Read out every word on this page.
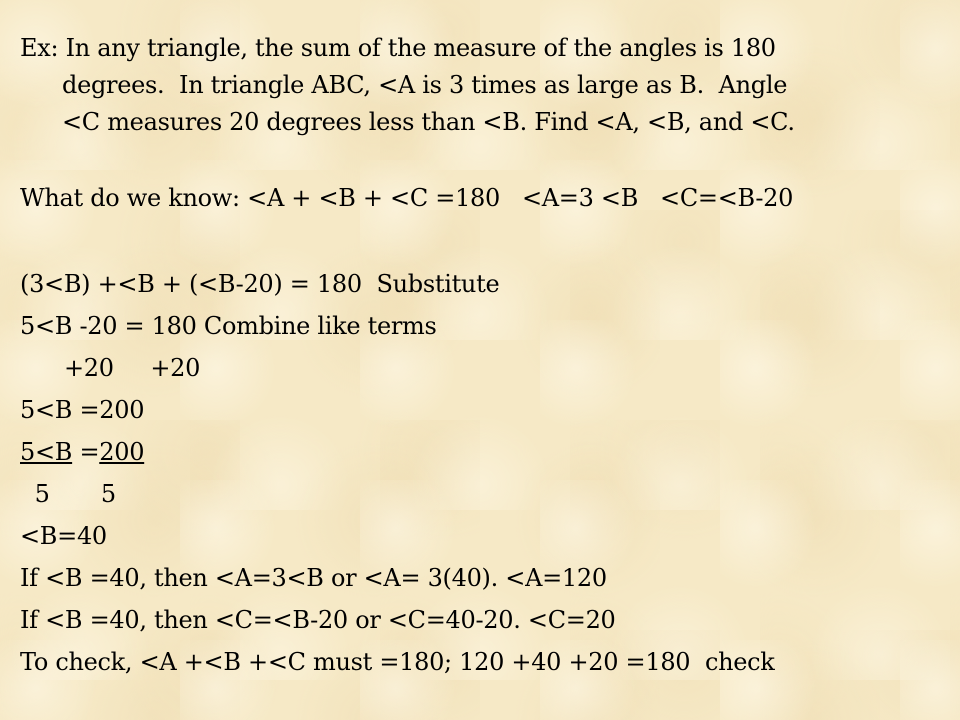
Ex: In any triangle, the sum of the measure of the angles is 180
degrees.  In triangle ABC, <A is 3 times as large as B.  Angle
<C measures 20 degrees less than <B. Find <A, <B, and <C.
What do we know: <A + <B + <C =180   <A=3 <B   <C=<B-20
(3<B) +<B + (<B-20) = 180  Substitute
5<B -20 = 180 Combine like terms
+20     +20
5<B =200
5<B =200
5       5
<B=40
If <B =40, then <A=3<B or <A= 3(40). <A=120
If <B =40, then <C=<B-20 or <C=40-20. <C=20
To check, <A +<B +<C must =180; 120 +40 +20 =180  check
